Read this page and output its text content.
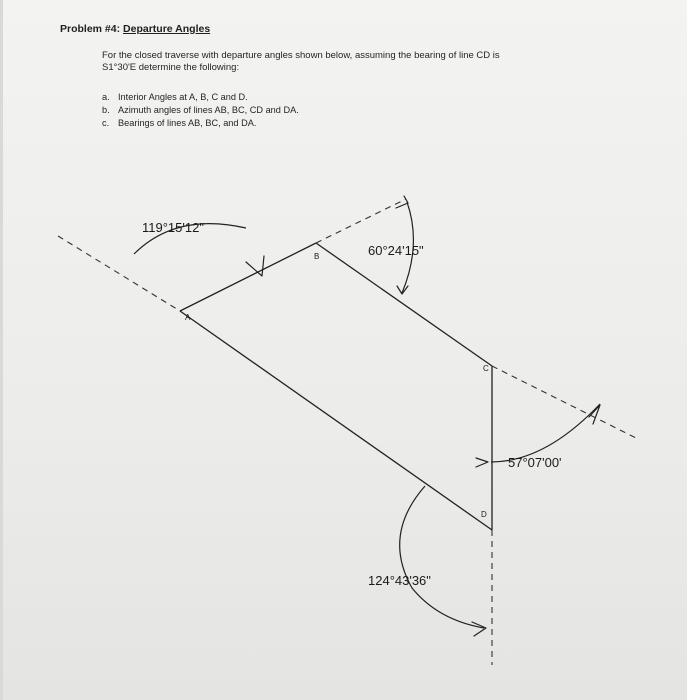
Problem #4: Departure Angles
For the closed traverse with departure angles shown below, assuming the bearing of line CD is
S1°30'E determine the following:
a. Interior Angles at A, B, C and D.
b. Azimuth angles of lines AB, BC, CD and DA.
c. Bearings of lines AB, BC, and DA.
A
B
C
D
119°15'12"
60°24'15"
57°07'00'
124°43'36"
